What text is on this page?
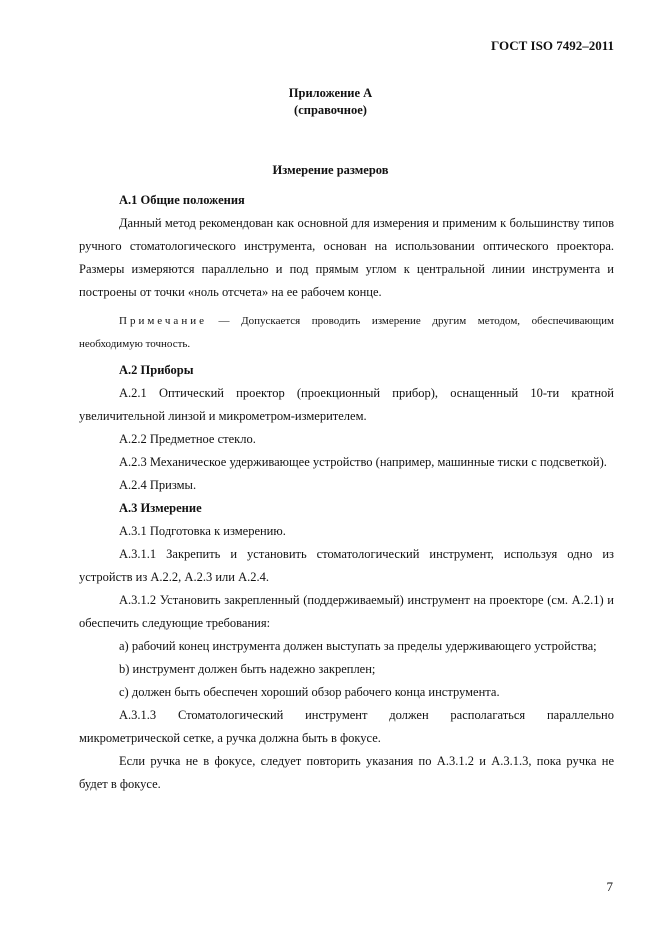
ГОСТ ISO 7492–2011
Приложение А
(справочное)
Измерение размеров

А.1 Общие положения

Данный метод рекомендован как основной для измерения и применим к большинству типов ручного стоматологического инструмента, основан на использовании оптического проектора. Размеры измеряются параллельно и под прямым углом к центральной линии инструмента и построены от точки «ноль отсчета» на ее рабочем конце.

Примечание — Допускается проводить измерение другим методом, обеспечивающим необходимую точность.

А.2 Приборы

А.2.1 Оптический проектор (проекционный прибор), оснащенный 10-ти кратной увеличительной линзой и микрометром-измерителем.

А.2.2 Предметное стекло.

А.2.3 Механическое удерживающее устройство (например, машинные тиски с подсветкой).

А.2.4 Призмы.

А.3 Измерение

А.3.1 Подготовка к измерению.

А.3.1.1 Закрепить и установить стоматологический инструмент, используя одно из устройств из А.2.2, А.2.3 или А.2.4.

А.3.1.2 Установить закрепленный (поддерживаемый) инструмент на проекторе (см. А.2.1) и обеспечить следующие требования:

а) рабочий конец инструмента должен выступать за пределы удерживающего устройства;

b) инструмент должен быть надежно закреплен;

с) должен быть обеспечен хороший обзор рабочего конца инструмента.

А.3.1.3 Стоматологический инструмент должен располагаться параллельно микрометрической сетке, а ручка должна быть в фокусе.

Если ручка не в фокусе, следует повторить указания по А.3.1.2 и А.3.1.3, пока ручка не будет в фокусе.

7
